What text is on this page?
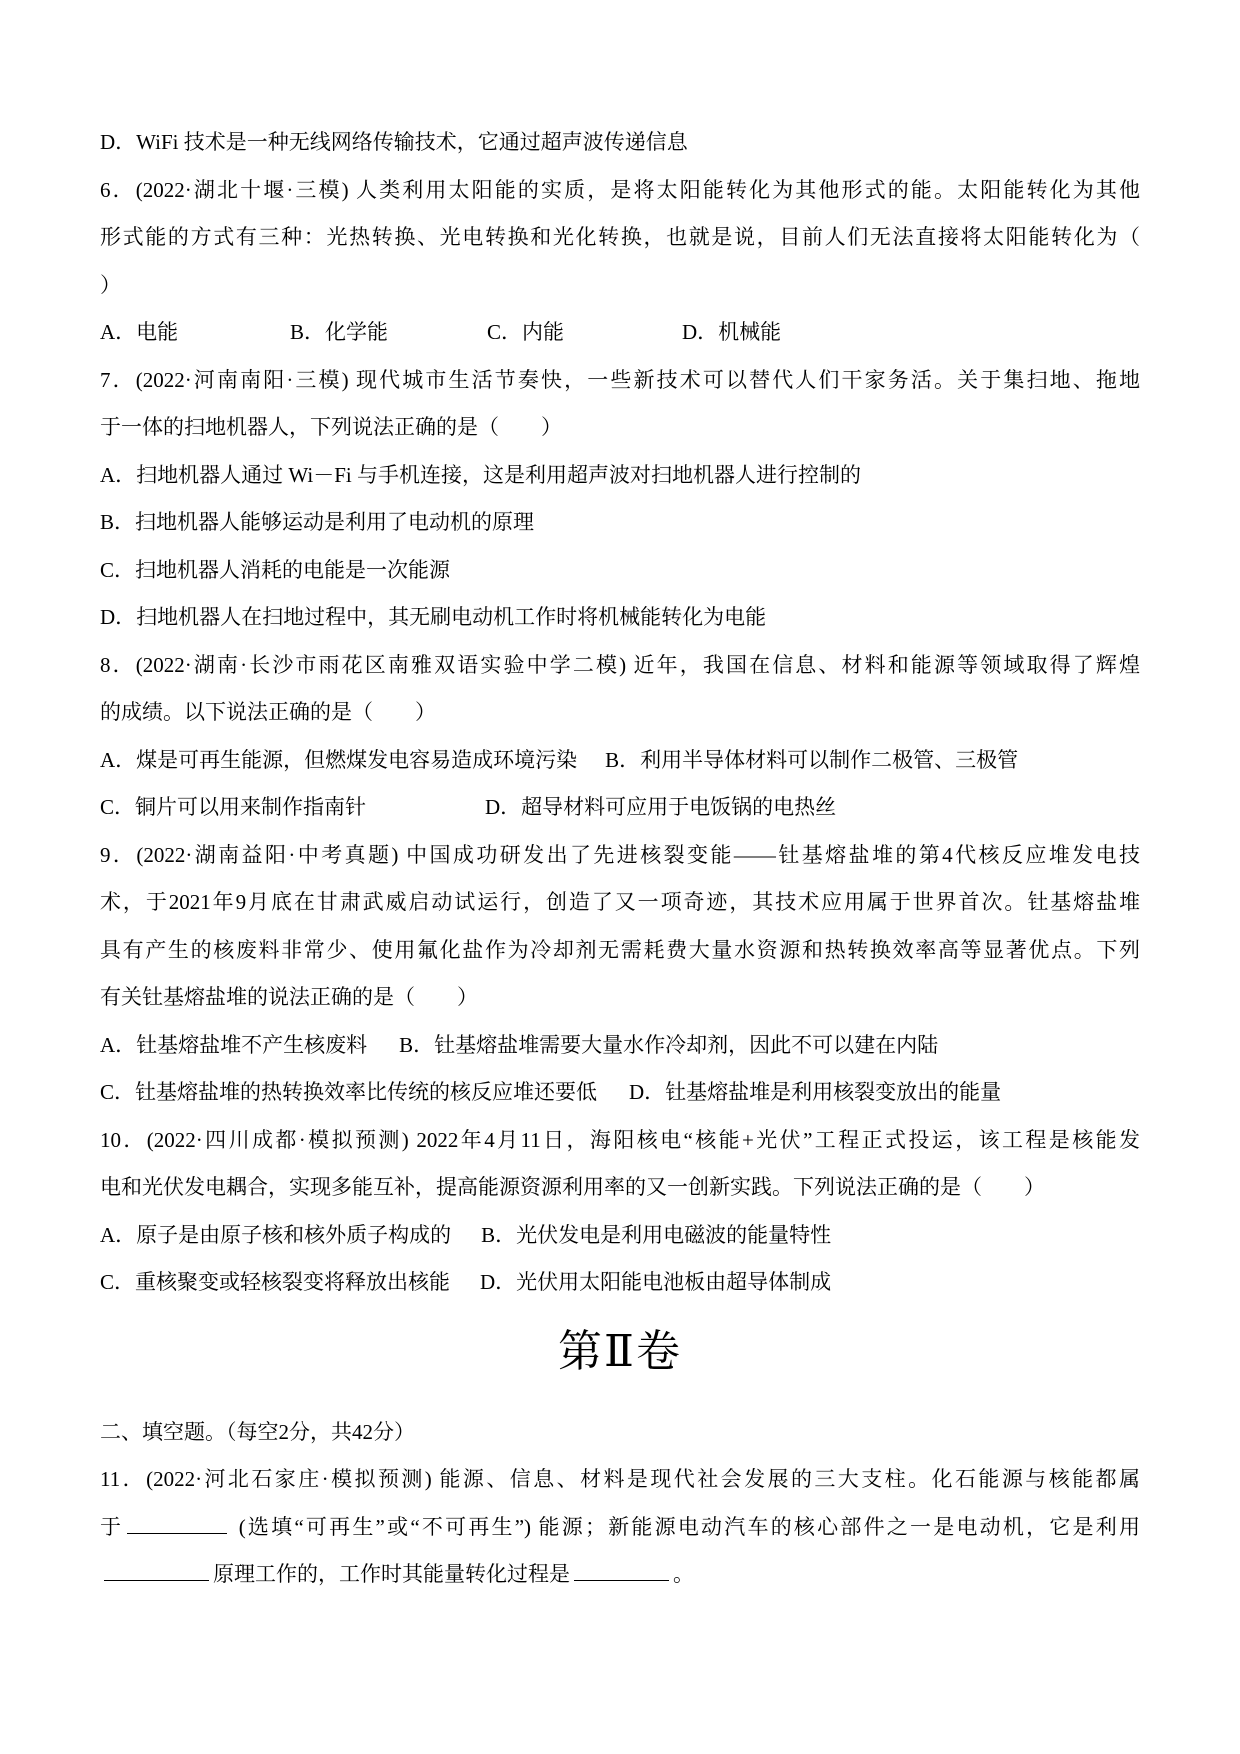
D．WiFi 技术是一种无线网络传输技术，它通过超声波传递信息
6．(2022·湖北十堰·三模) 人类利用太阳能的实质，是将太阳能转化为其他形式的能。太阳能转化为其他
形式能的方式有三种：光热转换、光电转换和光化转换，也就是说，目前人们无法直接将太阳能转化为（
）
A．电能	B．化学能	C．内能	D．机械能
7．(2022·河南南阳·三模) 现代城市生活节奏快，一些新技术可以替代人们干家务活。关于集扫地、拖地
于一体的扫地机器人，下列说法正确的是（　　）
A．扫地机器人通过 Wi－Fi 与手机连接，这是利用超声波对扫地机器人进行控制的
B．扫地机器人能够运动是利用了电动机的原理
C．扫地机器人消耗的电能是一次能源
D．扫地机器人在扫地过程中，其无刷电动机工作时将机械能转化为电能
8．(2022·湖南·长沙市雨花区南雅双语实验中学二模) 近年，我国在信息、材料和能源等领域取得了辉煌
的成绩。以下说法正确的是（　　）
A．煤是可再生能源，但燃煤发电容易造成环境污染 B．利用半导体材料可以制作二极管、三极管
C．铜片可以用来制作指南针	D．超导材料可应用于电饭锅的电热丝
9．(2022·湖南益阳·中考真题) 中国成功研发出了先进核裂变能——钍基熔盐堆的第4代核反应堆发电技
术，于2021年9月底在甘肃武威启动试运行，创造了又一项奇迹，其技术应用属于世界首次。钍基熔盐堆
具有产生的核废料非常少、使用氟化盐作为冷却剂无需耗费大量水资源和热转换效率高等显著优点。下列
有关钍基熔盐堆的说法正确的是（　　）
A．钍基熔盐堆不产生核废料 B．钍基熔盐堆需要大量水作冷却剂，因此不可以建在内陆
C．钍基熔盐堆的热转换效率比传统的核反应堆还要低 D．钍基熔盐堆是利用核裂变放出的能量
10．(2022·四川成都·模拟预测) 2022年4月11日，海阳核电“核能+光伏”工程正式投运，该工程是核能发
电和光伏发电耦合，实现多能互补，提高能源资源利用率的又一创新实践。下列说法正确的是（　　）
A．原子是由原子核和核外质子构成的 B．光伏发电是利用电磁波的能量特性
C．重核聚变或轻核裂变将释放出核能 D．光伏用太阳能电池板由超导体制成
第Ⅱ卷
二、填空题。（每空2分，共42分）
11．(2022·河北石家庄·模拟预测) 能源、信息、材料是现代社会发展的三大支柱。化石能源与核能都属
于	(选填“可再生”或“不可再生”) 能源；新能源电动汽车的核心部件之一是电动机，它是利用
原理工作的，工作时其能量转化过程是	。
